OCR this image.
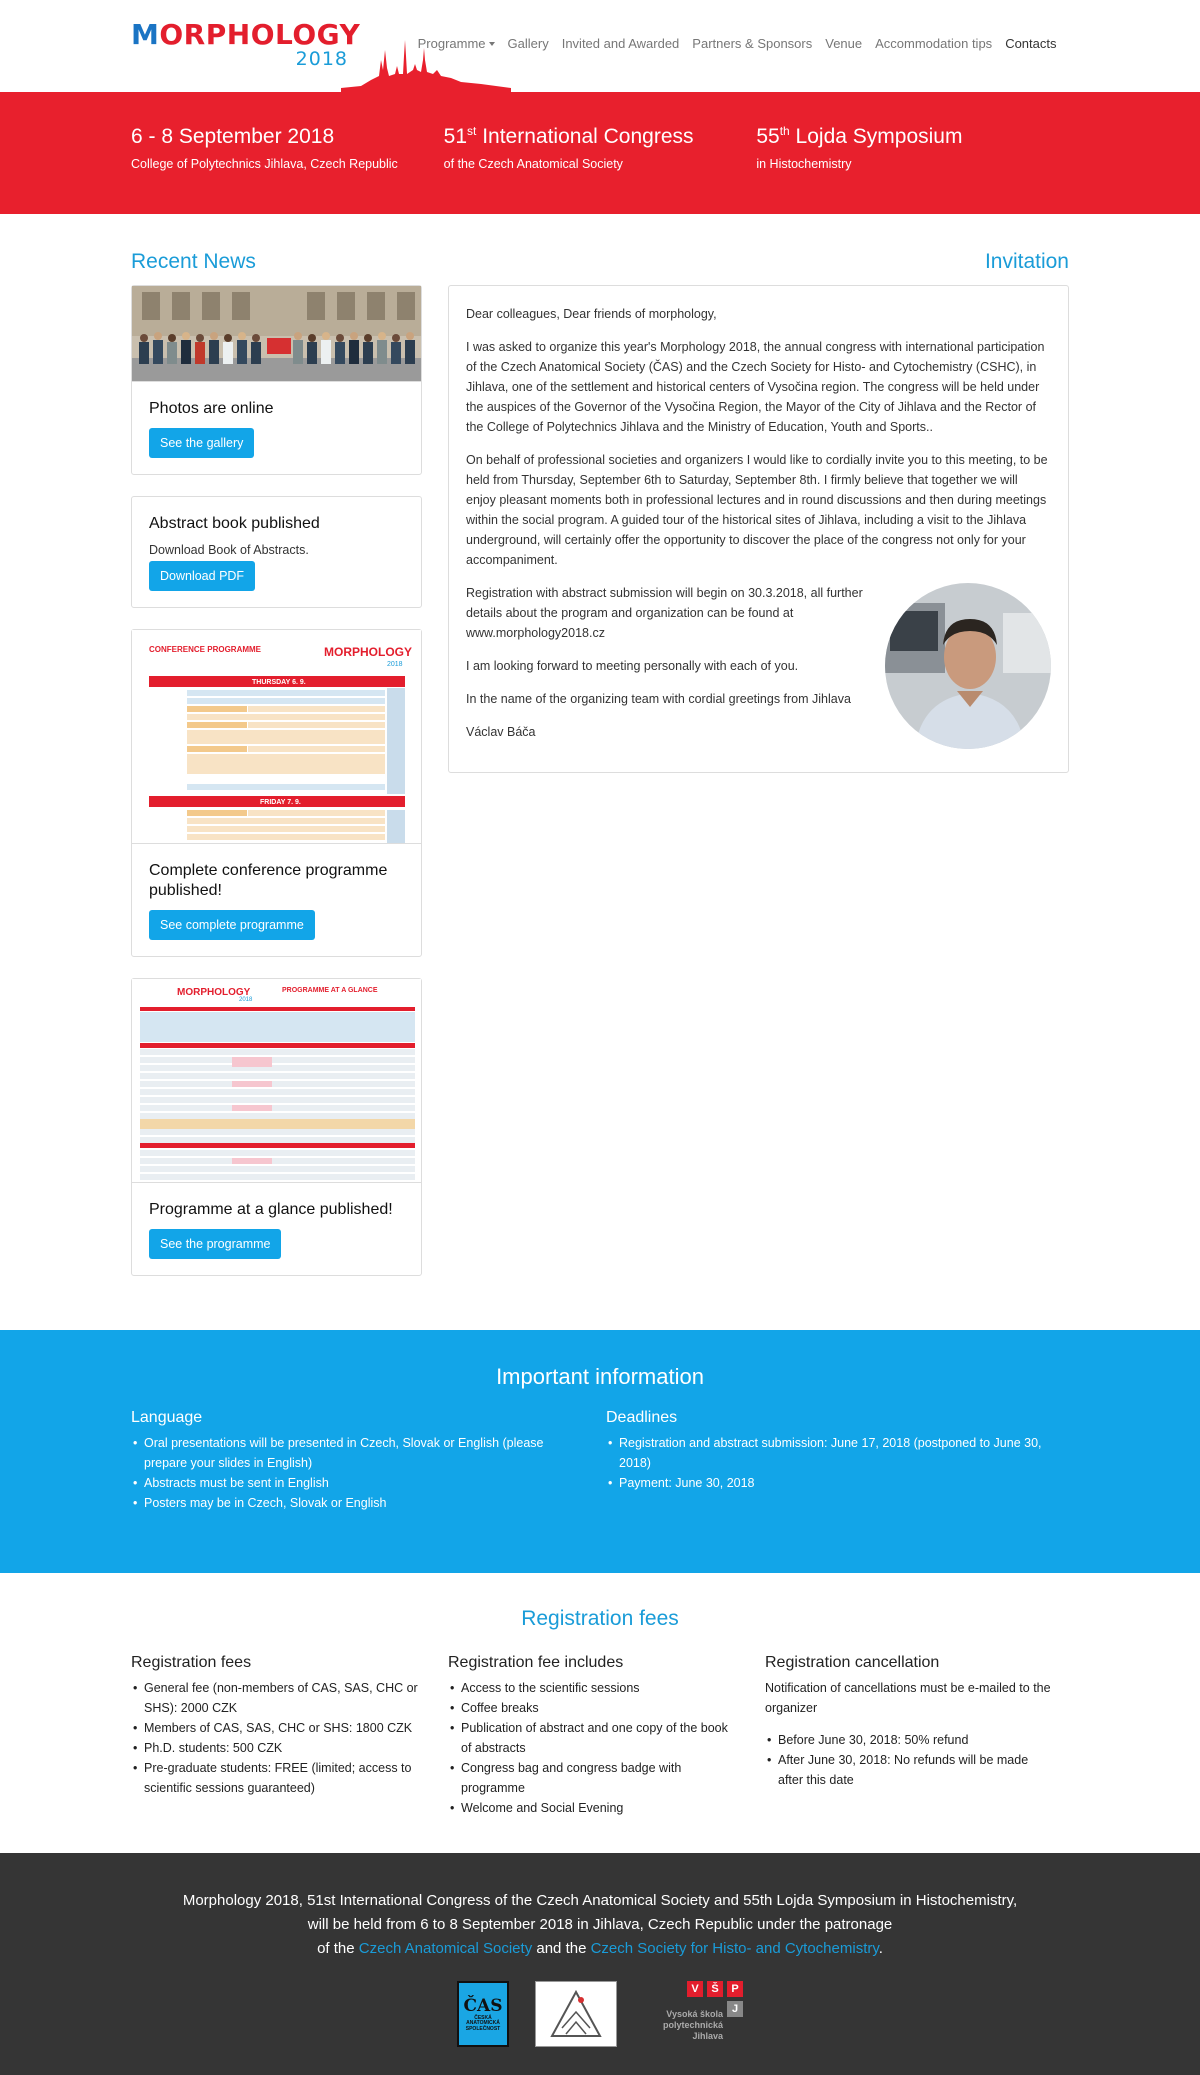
MORPHOLOGY
2018
Programme	Gallery	Invited and Awarded	Partners & Sponsors	Venue	Accommodation tips	Contacts
6 - 8 September 2018
College of Polytechnics Jihlava, Czech Republic
51st International Congress
of the Czech Anatomical Society
55th Lojda Symposium
in Histochemistry
Recent News
Photos are online
See the gallery
Abstract book published
Download Book of Abstracts.
Download PDF
CONFERENCE PROGRAMME	MORPHOLOGY
2018
THURSDAY 6. 9.
FRIDAY 7. 9.
Complete conference programme published!
See complete programme
MORPHOLOGY
2018
PROGRAMME AT A GLANCE
Programme at a glance published!
See the programme
Invitation

Dear colleagues, Dear friends of morphology,

I was asked to organize this year's Morphology 2018, the annual congress with international participation of the Czech Anatomical Society (ČAS) and the Czech Society for Histo- and Cytochemistry (CSHC), in Jihlava, one of the settlement and historical centers of Vysočina region. The congress will be held under the auspices of the Governor of the Vysočina Region, the Mayor of the City of Jihlava and the Rector of the College of Polytechnics Jihlava and the Ministry of Education, Youth and Sports..

On behalf of professional societies and organizers I would like to cordially invite you to this meeting, to be held from Thursday, September 6th to Saturday, September 8th. I firmly believe that together we will enjoy pleasant moments both in professional lectures and in round discussions and then during meetings within the social program. A guided tour of the historical sites of Jihlava, including a visit to the Jihlava underground, will certainly offer the opportunity to discover the place of the congress not only for your accompaniment.

Registration with abstract submission will begin on 30.3.2018, all further details about the program and organization can be found at www.morphology2018.cz

I am looking forward to meeting personally with each of you.

In the name of the organizing team with cordial greetings from Jihlava

Václav Báča

Important information
Language
• Oral presentations will be presented in Czech, Slovak or English (please prepare your slides in English)
• Abstracts must be sent in English
• Posters may be in Czech, Slovak or English
Deadlines
• Registration and abstract submission: June 17, 2018 (postponed to June 30, 2018)
• Payment: June 30, 2018
Registration fees
Registration fees
• General fee (non-members of CAS, SAS, CHC or SHS): 2000 CZK
• Members of CAS, SAS, CHC or SHS: 1800 CZK
• Ph.D. students: 500 CZK
• Pre-graduate students: FREE (limited; access to scientific sessions guaranteed)
Registration fee includes
• Access to the scientific sessions
• Coffee breaks
• Publication of abstract and one copy of the book of abstracts
• Congress bag and congress badge with programme
• Welcome and Social Evening
Registration cancellation

Notification of cancellations must be e-mailed to the organizer

• Before June 30, 2018: 50% refund
• After June 30, 2018: No refunds will be made after this date

Morphology 2018, 51st International Congress of the Czech Anatomical Society and 55th Lojda Symposium in Histochemistry,

will be held from 6 to 8 September 2018 in Jihlava, Czech Republic under the patronage

of the Czech Anatomical Society and the Czech Society for Histo- and Cytochemistry.

ČAS
ČESKÁ ANATOMICKÁ SPOLEČNOST
V	Š	P
J
Vysoká škola
polytechnická
Jihlava
